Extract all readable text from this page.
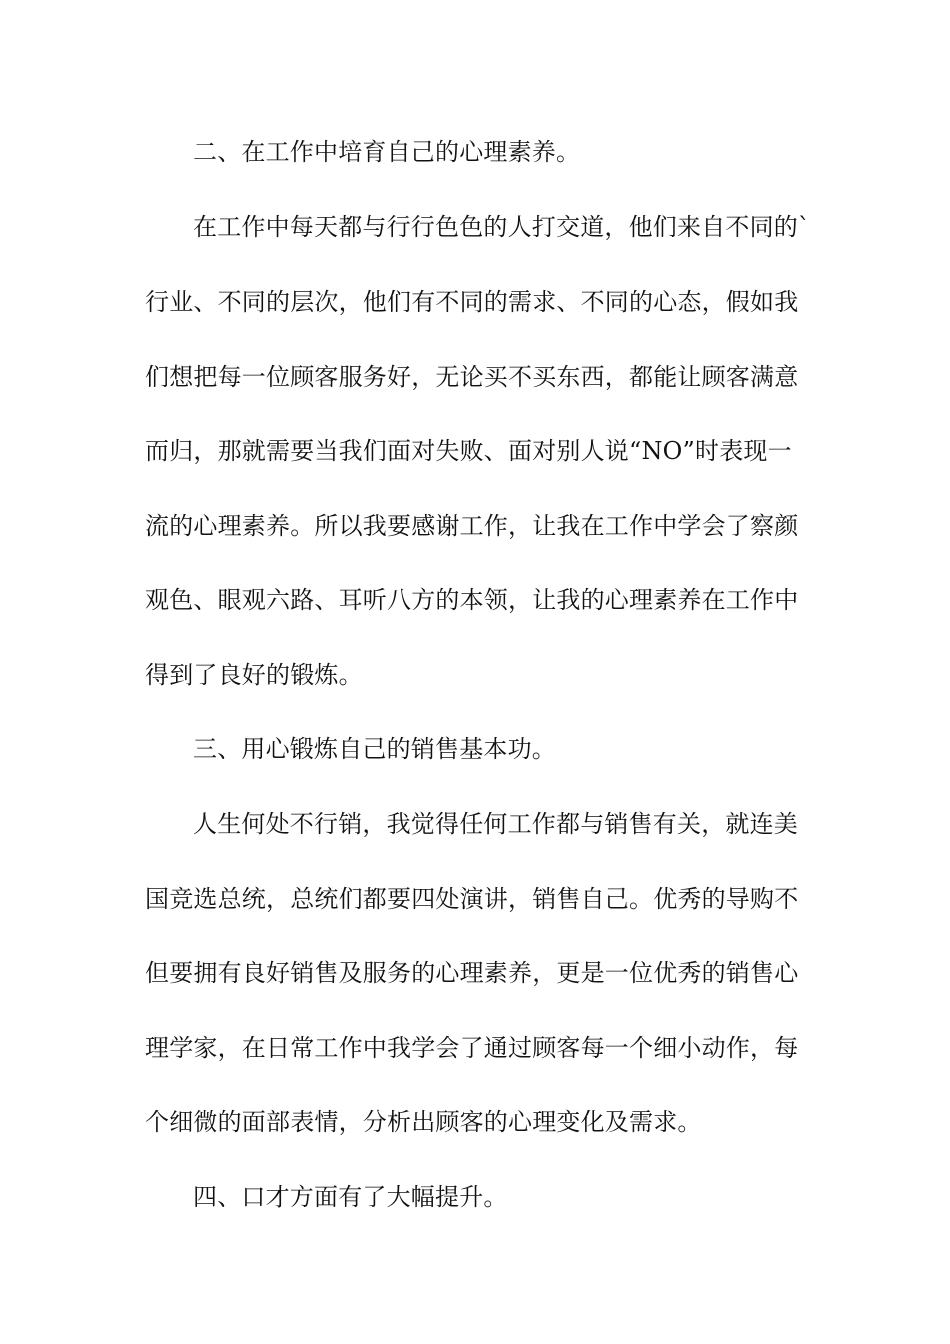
二、在工作中培育自己的心理素养。
在工作中每天都与行行色色的人打交道，他们来自不同的`
行业、不同的层次，他们有不同的需求、不同的心态，假如我
们想把每一位顾客服务好，无论买不买东西，都能让顾客满意
而归，那就需要当我们面对失败、面对别人说“NO”时表现一
流的心理素养。所以我要感谢工作，让我在工作中学会了察颜
观色、眼观六路、耳听八方的本领，让我的心理素养在工作中
得到了良好的锻炼。
三、用心锻炼自己的销售基本功。
人生何处不行销，我觉得任何工作都与销售有关，就连美
国竞选总统，总统们都要四处演讲，销售自己。优秀的导购不
但要拥有良好销售及服务的心理素养，更是一位优秀的销售心
理学家，在日常工作中我学会了通过顾客每一个细小动作，每
个细微的面部表情，分析出顾客的心理变化及需求。
四、口才方面有了大幅提升。
